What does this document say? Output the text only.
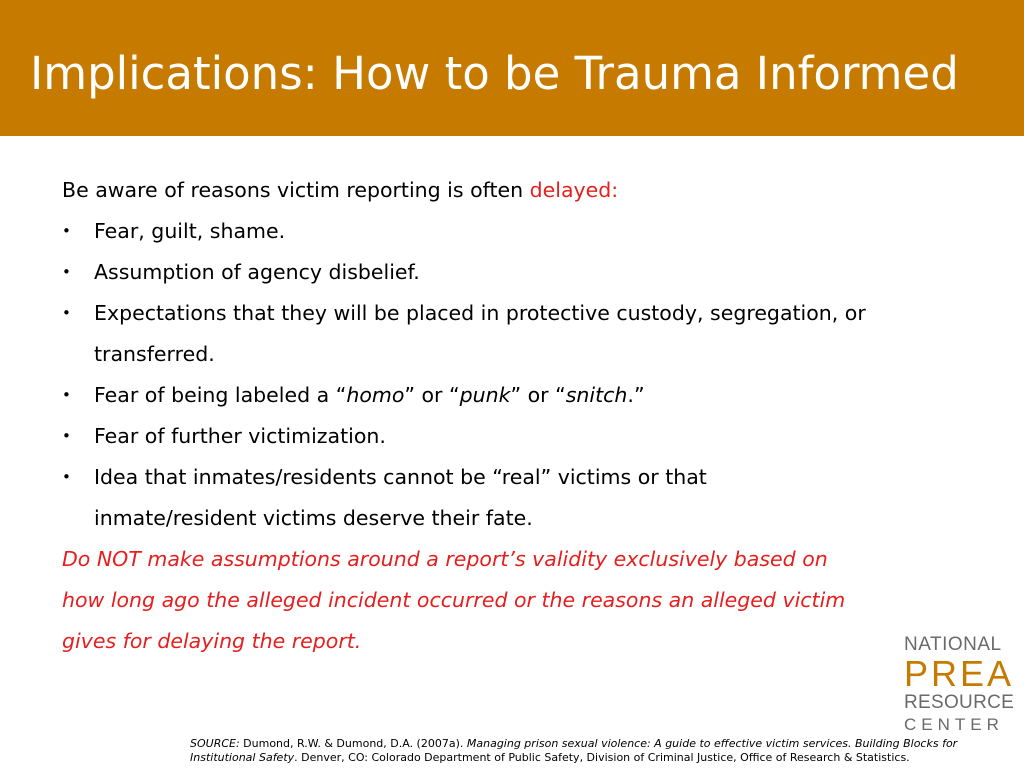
Implications: How to be Trauma Informed
Be aware of reasons victim reporting is often delayed:
• Fear, guilt, shame.
• Assumption of agency disbelief.
• Expectations that they will be placed in protective custody, segregation, or
transferred.
• Fear of being labeled a “homo” or “punk” or “snitch.”
• Fear of further victimization.
• Idea that inmates/residents cannot be “real” victims or that
inmate/resident victims deserve their fate.
Do NOT make assumptions around a report’s validity exclusively based on
how long ago the alleged incident occurred or the reasons an alleged victim
gives for delaying the report.	NATIONAL
PREA
RESOURCE
CENTER
SOURCE: Dumond, R.W. & Dumond, D.A. (2007a). Managing prison sexual violence: A guide to effective victim services. Building Blocks for Institutional Safety. Denver, CO: Colorado Department of Public Safety, Division of Criminal Justice, Office of Research & Statistics.
